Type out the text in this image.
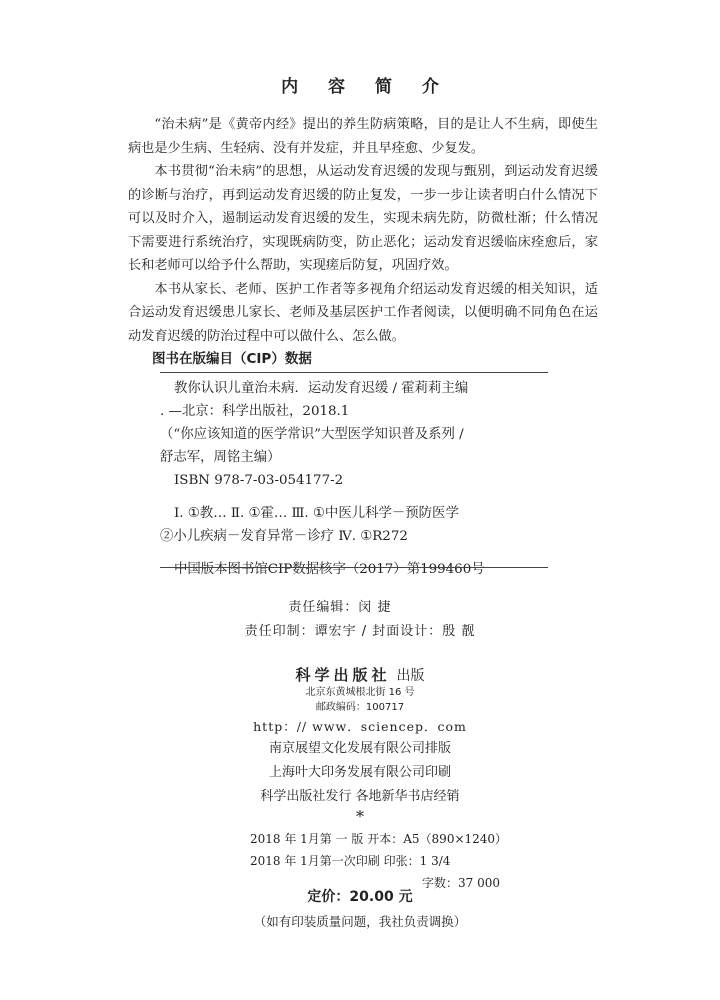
内 容 简 介

“治未病”是《黄帝内经》提出的养生防病策略，目的是让人不生病，即使生病也是少生病、生轻病、没有并发症，并且早痊愈、少复发。

本书贯彻“治未病”的思想，从运动发育迟缓的发现与甄别，到运动发育迟缓的诊断与治疗，再到运动发育迟缓的防止复发，一步一步让读者明白什么情况下可以及时介入，遏制运动发育迟缓的发生，实现未病先防，防微杜渐；什么情况下需要进行系统治疗，实现既病防变，防止恶化；运动发育迟缓临床痊愈后，家长和老师可以给予什么帮助，实现瘥后防复，巩固疗效。

本书从家长、老师、医护工作者等多视角介绍运动发育迟缓的相关知识，适合运动发育迟缓患儿家长、老师及基层医护工作者阅读，以便明确不同角色在运动发育迟缓的防治过程中可以做什么、怎么做。

图书在版编目（CIP）数据
教你认识儿童治未病．运动发育迟缓 / 霍莉莉主编
. —北京：科学出版社，2018.1
（“你应该知道的医学常识”大型医学知识普及系列 /
舒志军，周铭主编）
ISBN 978-7-03-054177-2
Ⅰ. ①教… Ⅱ. ①霍… Ⅲ. ①中医儿科学－预防医学
②小儿疾病－发育异常－诊疗 Ⅳ. ①R272
中国版本图书馆CIP数据核字（2017）第199460号
责任编辑：闵 捷
责任印制：谭宏宇 / 封面设计：殷 靓
科学出版社 出版
北京东黄城根北街 16 号
邮政编码：100717
http：// www．sciencep．com
南京展望文化发展有限公司排版
上海叶大印务发展有限公司印刷
科学出版社发行 各地新华书店经销
*
2018 年 1月第 一 版 开本：A5（890×1240）
2018 年 1月第一次印刷 印张：1 3/4
字数：37 000
定价：20.00 元
（如有印装质量问题，我社负责调换）
